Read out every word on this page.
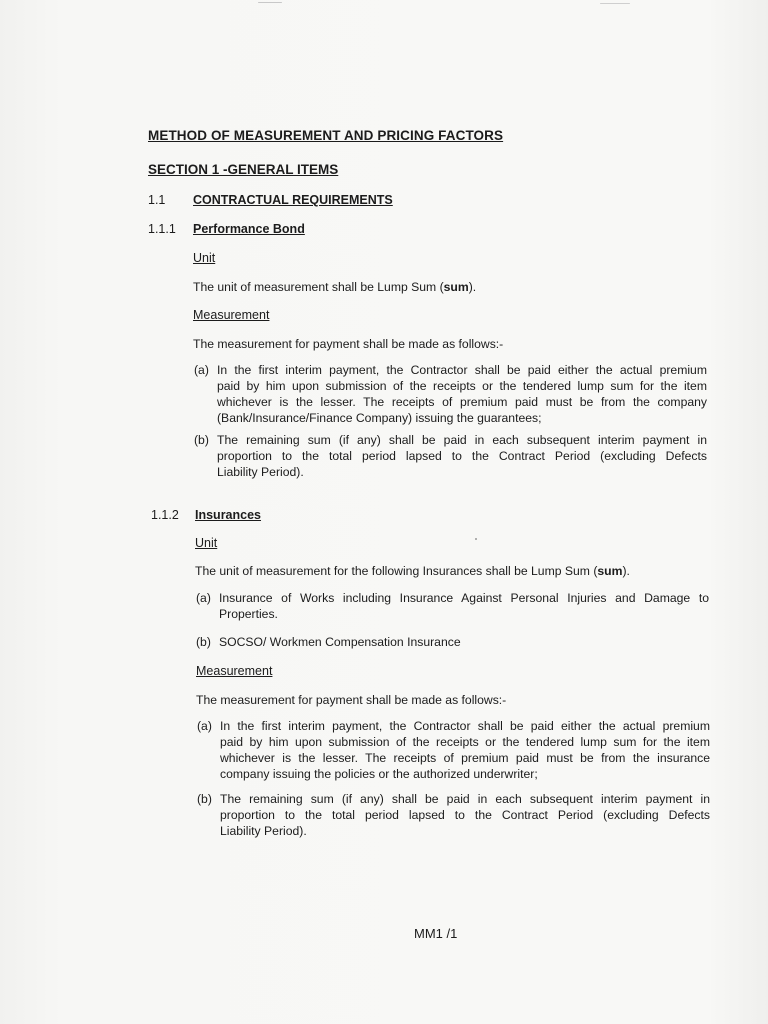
METHOD OF MEASUREMENT AND PRICING FACTORS
SECTION 1 -GENERAL ITEMS
1.1 CONTRACTUAL REQUIREMENTS
1.1.1 Performance Bond
Unit
The unit of measurement shall be Lump Sum (sum).
Measurement
The measurement for payment shall be made as follows:-
(a) In the first interim payment, the Contractor shall be paid either the actual premium
paid by him upon submission of the receipts or the tendered lump sum for the item
whichever is the lesser. The receipts of premium paid must be from the company
(Bank/Insurance/Finance Company) issuing the guarantees;
(b) The remaining sum (if any) shall be paid in each subsequent interim payment in
proportion to the total period lapsed to the Contract Period (excluding Defects
Liability Period).
1.1.2 Insurances
Unit
The unit of measurement for the following Insurances shall be Lump Sum (sum).
(a) Insurance of Works including Insurance Against Personal Injuries and Damage to
Properties.
(b) SOCSO/ Workmen Compensation Insurance
Measurement
The measurement for payment shall be made as follows:-
(a) In the first interim payment, the Contractor shall be paid either the actual premium
paid by him upon submission of the receipts or the tendered lump sum for the item
whichever is the lesser. The receipts of premium paid must be from the insurance
company issuing the policies or the authorized underwriter;
(b) The remaining sum (if any) shall be paid in each subsequent interim payment in
proportion to the total period lapsed to the Contract Period (excluding Defects
Liability Period).
MM1 /1
